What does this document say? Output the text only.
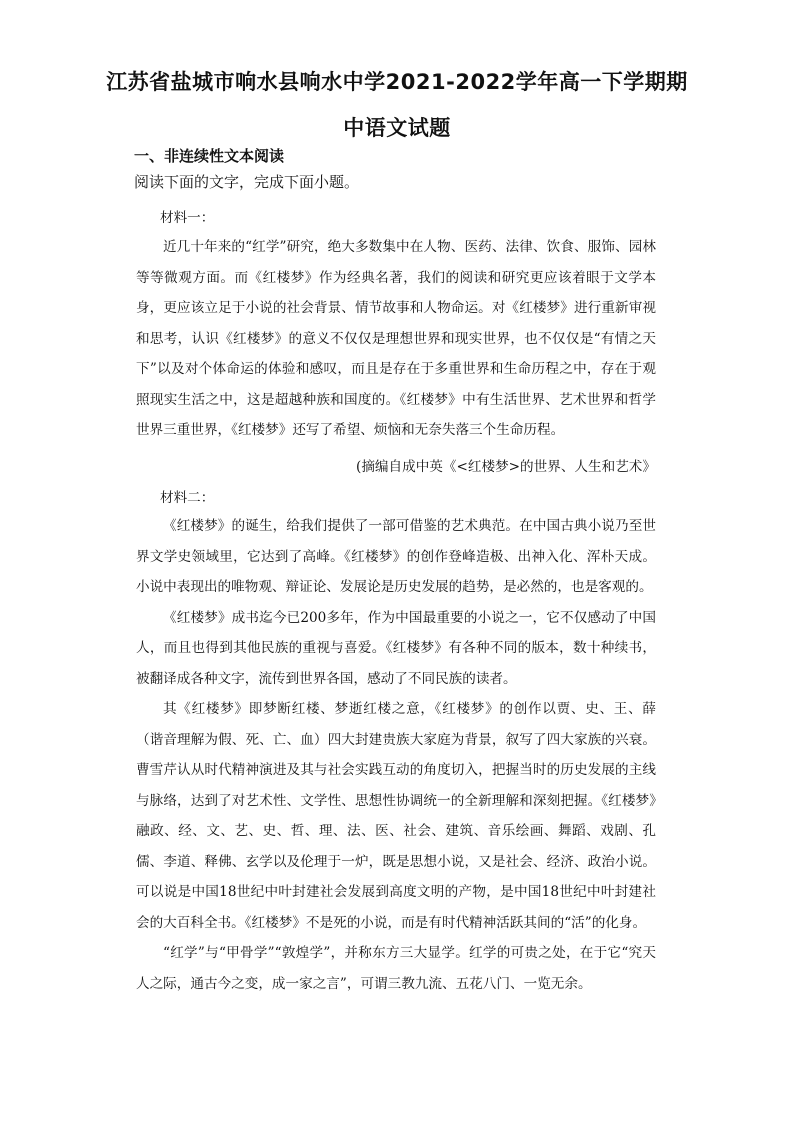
江苏省盐城市响水县响水中学2021-2022学年高一下学期期
中语文试题
一、非连续性文本阅读
阅读下面的文字，完成下面小题。
材料一：

近几十年来的“红学”研究，绝大多数集中在人物、医药、法律、饮食、服饰、园林等等微观方面。而《红楼梦》作为经典名著，我们的阅读和研究更应该着眼于文学本身，更应该立足于小说的社会背景、情节故事和人物命运。对《红楼梦》进行重新审视和思考，认识《红楼梦》的意义不仅仅是理想世界和现实世界，也不仅仅是“有情之天下”以及对个体命运的体验和感叹，而且是存在于多重世界和生命历程之中，存在于观照现实生活之中，这是超越种族和国度的。《红楼梦》中有生活世界、艺术世界和哲学世界三重世界，《红楼梦》还写了希望、烦恼和无奈失落三个生命历程。

(摘编自成中英《<红楼梦>的世界、人生和艺术》
材料二：

《红楼梦》的诞生，给我们提供了一部可借鉴的艺术典范。在中国古典小说乃至世界文学史领域里，它达到了高峰。《红楼梦》的创作登峰造极、出神入化、浑朴天成。小说中表现出的唯物观、辩证论、发展论是历史发展的趋势，是必然的，也是客观的。

《红楼梦》成书迄今已200多年，作为中国最重要的小说之一，它不仅感动了中国人，而且也得到其他民族的重视与喜爱。《红楼梦》有各种不同的版本，数十种续书，被翻译成各种文字，流传到世界各国，感动了不同民族的读者。

其《红楼梦》即梦断红楼、梦逝红楼之意，《红楼梦》的创作以贾、史、王、薛（谐音理解为假、死、亡、血）四大封建贵族大家庭为背景，叙写了四大家族的兴衰。曹雪芹认从时代精神演进及其与社会实践互动的角度切入，把握当时的历史发展的主线与脉络，达到了对艺术性、文学性、思想性协调统一的全新理解和深刻把握。《红楼梦》融政、经、文、艺、史、哲、理、法、医、社会、建筑、音乐绘画、舞蹈、戏剧、孔儒、李道、释佛、玄学以及伦理于一炉，既是思想小说，又是社会、经济、政治小说。可以说是中国18世纪中叶封建社会发展到高度文明的产物，是中国18世纪中叶封建社会的大百科全书。《红楼梦》不是死的小说，而是有时代精神活跃其间的“活”的化身。

“红学”与“甲骨学”“敦煌学”，并称东方三大显学。红学的可贵之处，在于它“究天人之际，通古今之变，成一家之言”，可谓三教九流、五花八门、一览无余。
